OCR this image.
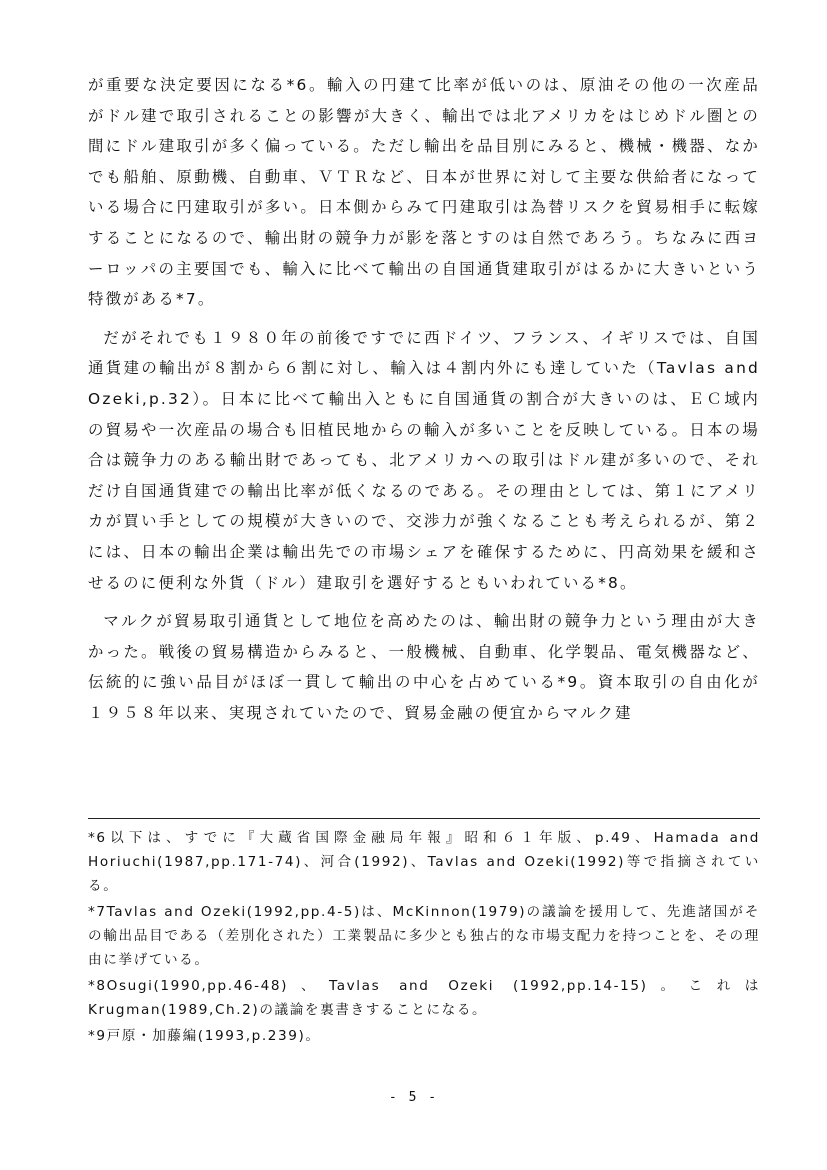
が重要な決定要因になる*6。輸入の円建て比率が低いのは、原油その他の一次産品がドル建で取引されることの影響が大きく、輸出では北アメリカをはじめドル圏との間にドル建取引が多く偏っている。ただし輸出を品目別にみると、機械・機器、なかでも船舶、原動機、自動車、ＶＴＲなど、日本が世界に対して主要な供給者になっている場合に円建取引が多い。日本側からみて円建取引は為替リスクを貿易相手に転嫁することになるので、輸出財の競争力が影を落とすのは自然であろう。ちなみに西ヨーロッパの主要国でも、輸入に比べて輸出の自国通貨建取引がはるかに大きいという特徴がある*7。

だがそれでも１９８０年の前後ですでに西ドイツ、フランス、イギリスでは、自国通貨建の輸出が８割から６割に対し、輸入は４割内外にも達していた（Tavlas and Ozeki,p.32）。日本に比べて輸出入ともに自国通貨の割合が大きいのは、ＥＣ域内の貿易や一次産品の場合も旧植民地からの輸入が多いことを反映している。日本の場合は競争力のある輸出財であっても、北アメリカへの取引はドル建が多いので、それだけ自国通貨建での輸出比率が低くなるのである。その理由としては、第１にアメリカが買い手としての規模が大きいので、交渉力が強くなることも考えられるが、第２には、日本の輸出企業は輸出先での市場シェアを確保するために、円高効果を緩和させるのに便利な外貨（ドル）建取引を選好するともいわれている*8。

マルクが貿易取引通貨として地位を高めたのは、輸出財の競争力という理由が大きかった。戦後の貿易構造からみると、一般機械、自動車、化学製品、電気機器など、伝統的に強い品目がほぼ一貫して輸出の中心を占めている*9。資本取引の自由化が１９５８年以来、実現されていたので、貿易金融の便宜からマルク建

*6以下は、すでに『大蔵省国際金融局年報』昭和６１年版、p.49、Hamada and Horiuchi(1987,pp.171-74)、河合(1992)、Tavlas and Ozeki(1992)等で指摘されている。

*7Tavlas and Ozeki(1992,pp.4-5)は、McKinnon(1979)の議論を援用して、先進諸国がその輸出品目である（差別化された）工業製品に多少とも独占的な市場支配力を持つことを、その理由に挙げている。

*8Osugi(1990,pp.46-48)、Tavlas and Ozeki (1992,pp.14-15)。これはKrugman(1989,Ch.2)の議論を裏書きすることになる。

*9戸原・加藤編(1993,p.239)。

- 5 -
